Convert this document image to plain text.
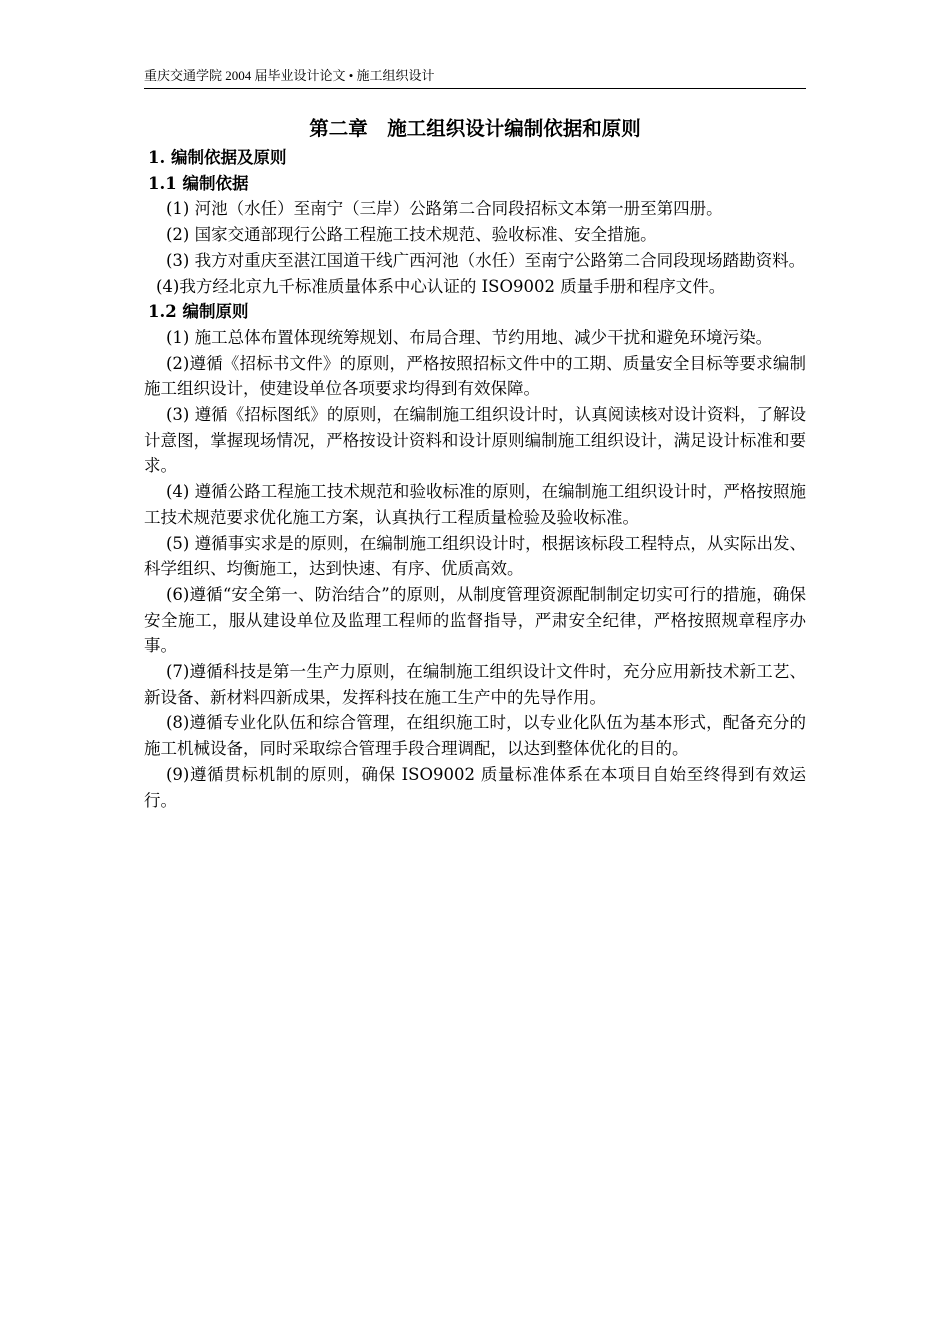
重庆交通学院 2004 届毕业设计论文 • 施工组织设计
第二章　施工组织设计编制依据和原则

1. 编制依据及原则

1.1 编制依据

(1) 河池（水任）至南宁（三岸）公路第二合同段招标文本第一册至第四册。

(2) 国家交通部现行公路工程施工技术规范、验收标准、安全措施。

(3) 我方对重庆至湛江国道干线广西河池（水任）至南宁公路第二合同段现场踏勘资料。

(4)我方经北京九千标准质量体系中心认证的 ISO9002 质量手册和程序文件。

1.2 编制原则

(1) 施工总体布置体现统筹规划、布局合理、节约用地、减少干扰和避免环境污染。

(2)遵循《招标书文件》的原则，严格按照招标文件中的工期、质量安全目标等要求编制施工组织设计，使建设单位各项要求均得到有效保障。

(3) 遵循《招标图纸》的原则，在编制施工组织设计时，认真阅读核对设计资料，了解设计意图，掌握现场情况，严格按设计资料和设计原则编制施工组织设计，满足设计标准和要求。

(4) 遵循公路工程施工技术规范和验收标准的原则，在编制施工组织设计时，严格按照施工技术规范要求优化施工方案，认真执行工程质量检验及验收标准。

(5) 遵循事实求是的原则，在编制施工组织设计时，根据该标段工程特点，从实际出发、科学组织、均衡施工，达到快速、有序、优质高效。

(6)遵循“安全第一、防治结合”的原则，从制度管理资源配制制定切实可行的措施，确保安全施工，服从建设单位及监理工程师的监督指导，严肃安全纪律，严格按照规章程序办事。

(7)遵循科技是第一生产力原则，在编制施工组织设计文件时，充分应用新技术新工艺、新设备、新材料四新成果，发挥科技在施工生产中的先导作用。

(8)遵循专业化队伍和综合管理，在组织施工时，以专业化队伍为基本形式，配备充分的施工机械设备，同时采取综合管理手段合理调配，以达到整体优化的目的。

(9)遵循贯标机制的原则，确保 ISO9002 质量标准体系在本项目自始至终得到有效运行。
